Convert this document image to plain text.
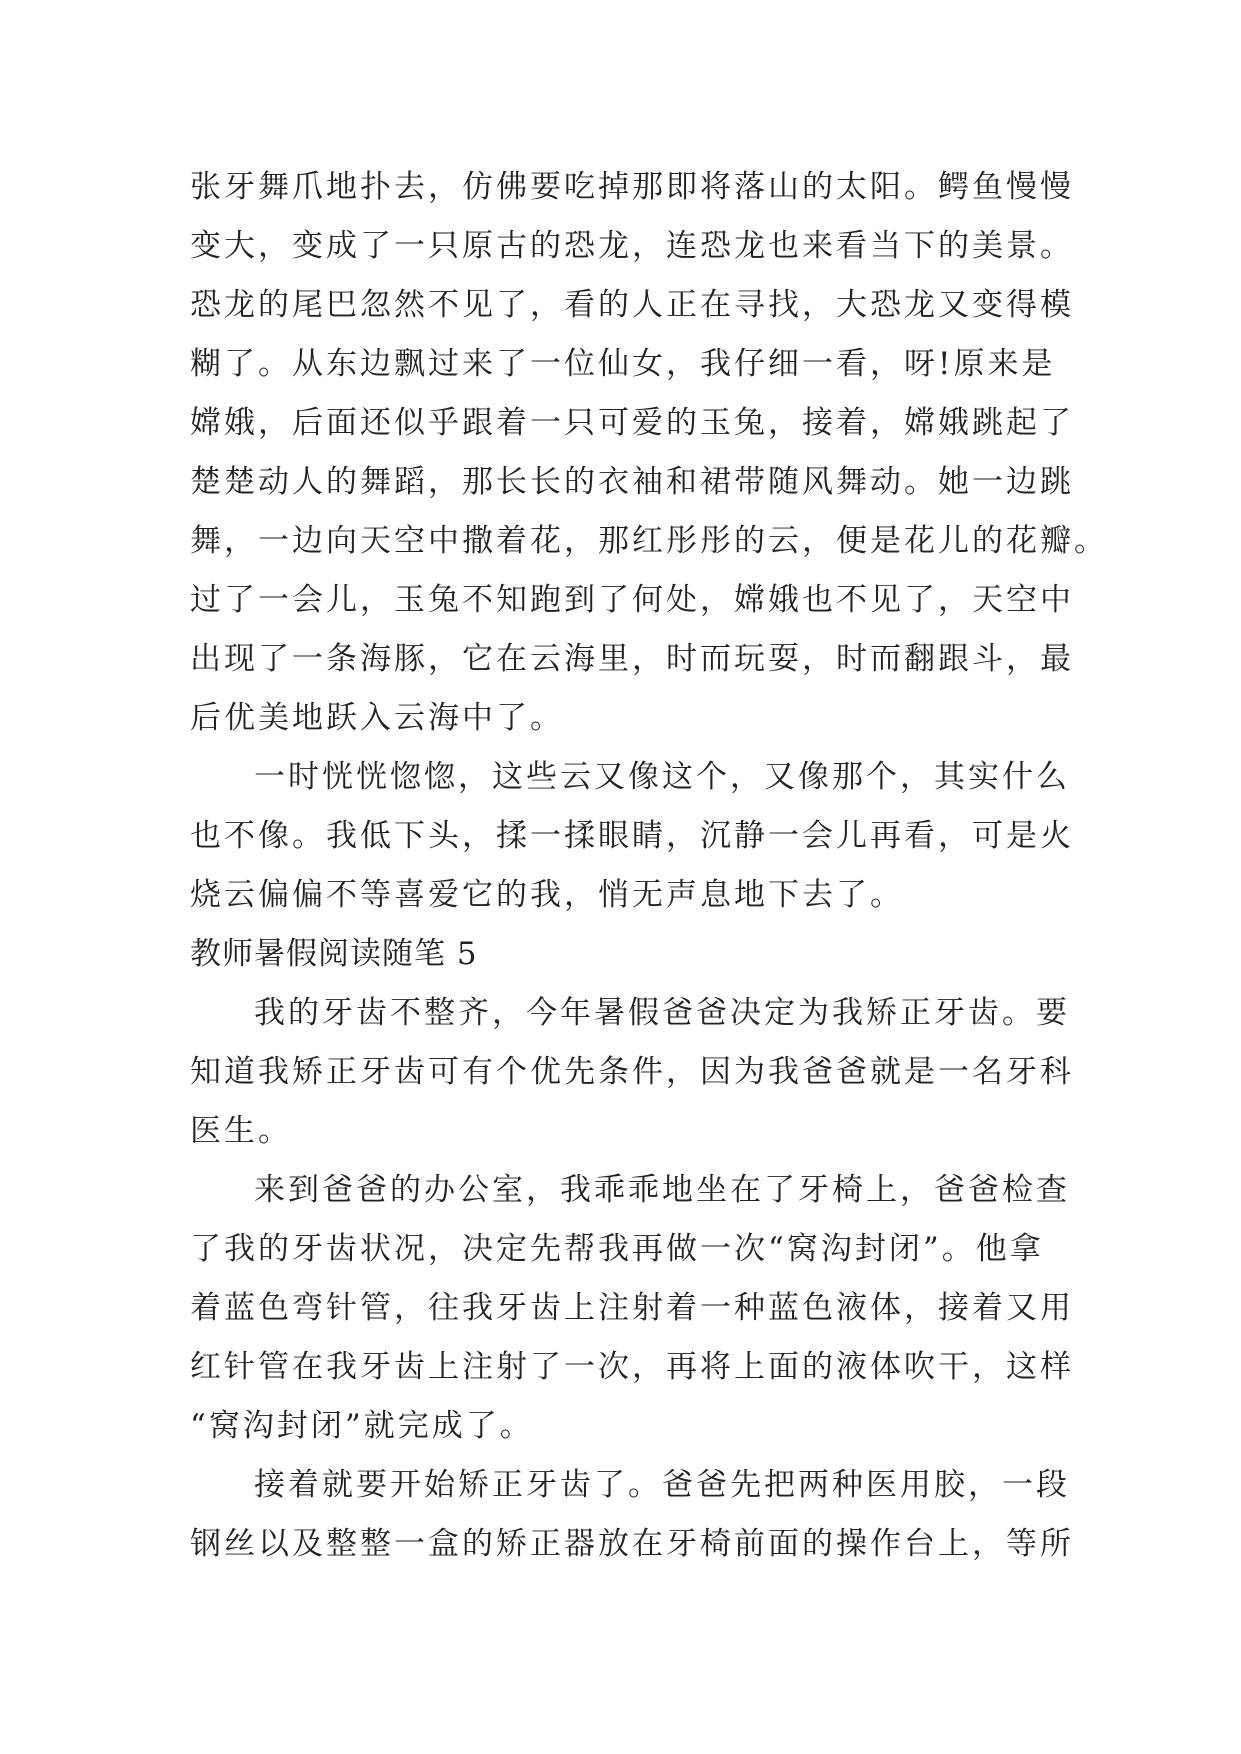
张牙舞爪地扑去，仿佛要吃掉那即将落山的太阳。鳄鱼慢慢
变大，变成了一只原古的恐龙，连恐龙也来看当下的美景。
恐龙的尾巴忽然不见了，看的人正在寻找，大恐龙又变得模
糊了。从东边飘过来了一位仙女，我仔细一看，呀!原来是
嫦娥，后面还似乎跟着一只可爱的玉兔，接着，嫦娥跳起了
楚楚动人的舞蹈，那长长的衣袖和裙带随风舞动。她一边跳
舞，一边向天空中撒着花，那红彤彤的云，便是花儿的花瓣。
过了一会儿，玉兔不知跑到了何处，嫦娥也不见了，天空中
出现了一条海豚，它在云海里，时而玩耍，时而翻跟斗，最
后优美地跃入云海中了。
一时恍恍惚惚，这些云又像这个，又像那个，其实什么
也不像。我低下头，揉一揉眼睛，沉静一会儿再看，可是火
烧云偏偏不等喜爱它的我，悄无声息地下去了。
教师暑假阅读随笔 5
我的牙齿不整齐，今年暑假爸爸决定为我矫正牙齿。要
知道我矫正牙齿可有个优先条件，因为我爸爸就是一名牙科
医生。
来到爸爸的办公室，我乖乖地坐在了牙椅上，爸爸检查
了我的牙齿状况，决定先帮我再做一次“窝沟封闭”。他拿
着蓝色弯针管，往我牙齿上注射着一种蓝色液体，接着又用
红针管在我牙齿上注射了一次，再将上面的液体吹干，这样
“窝沟封闭”就完成了。
接着就要开始矫正牙齿了。爸爸先把两种医用胶，一段
钢丝以及整整一盒的矫正器放在牙椅前面的操作台上，等所
